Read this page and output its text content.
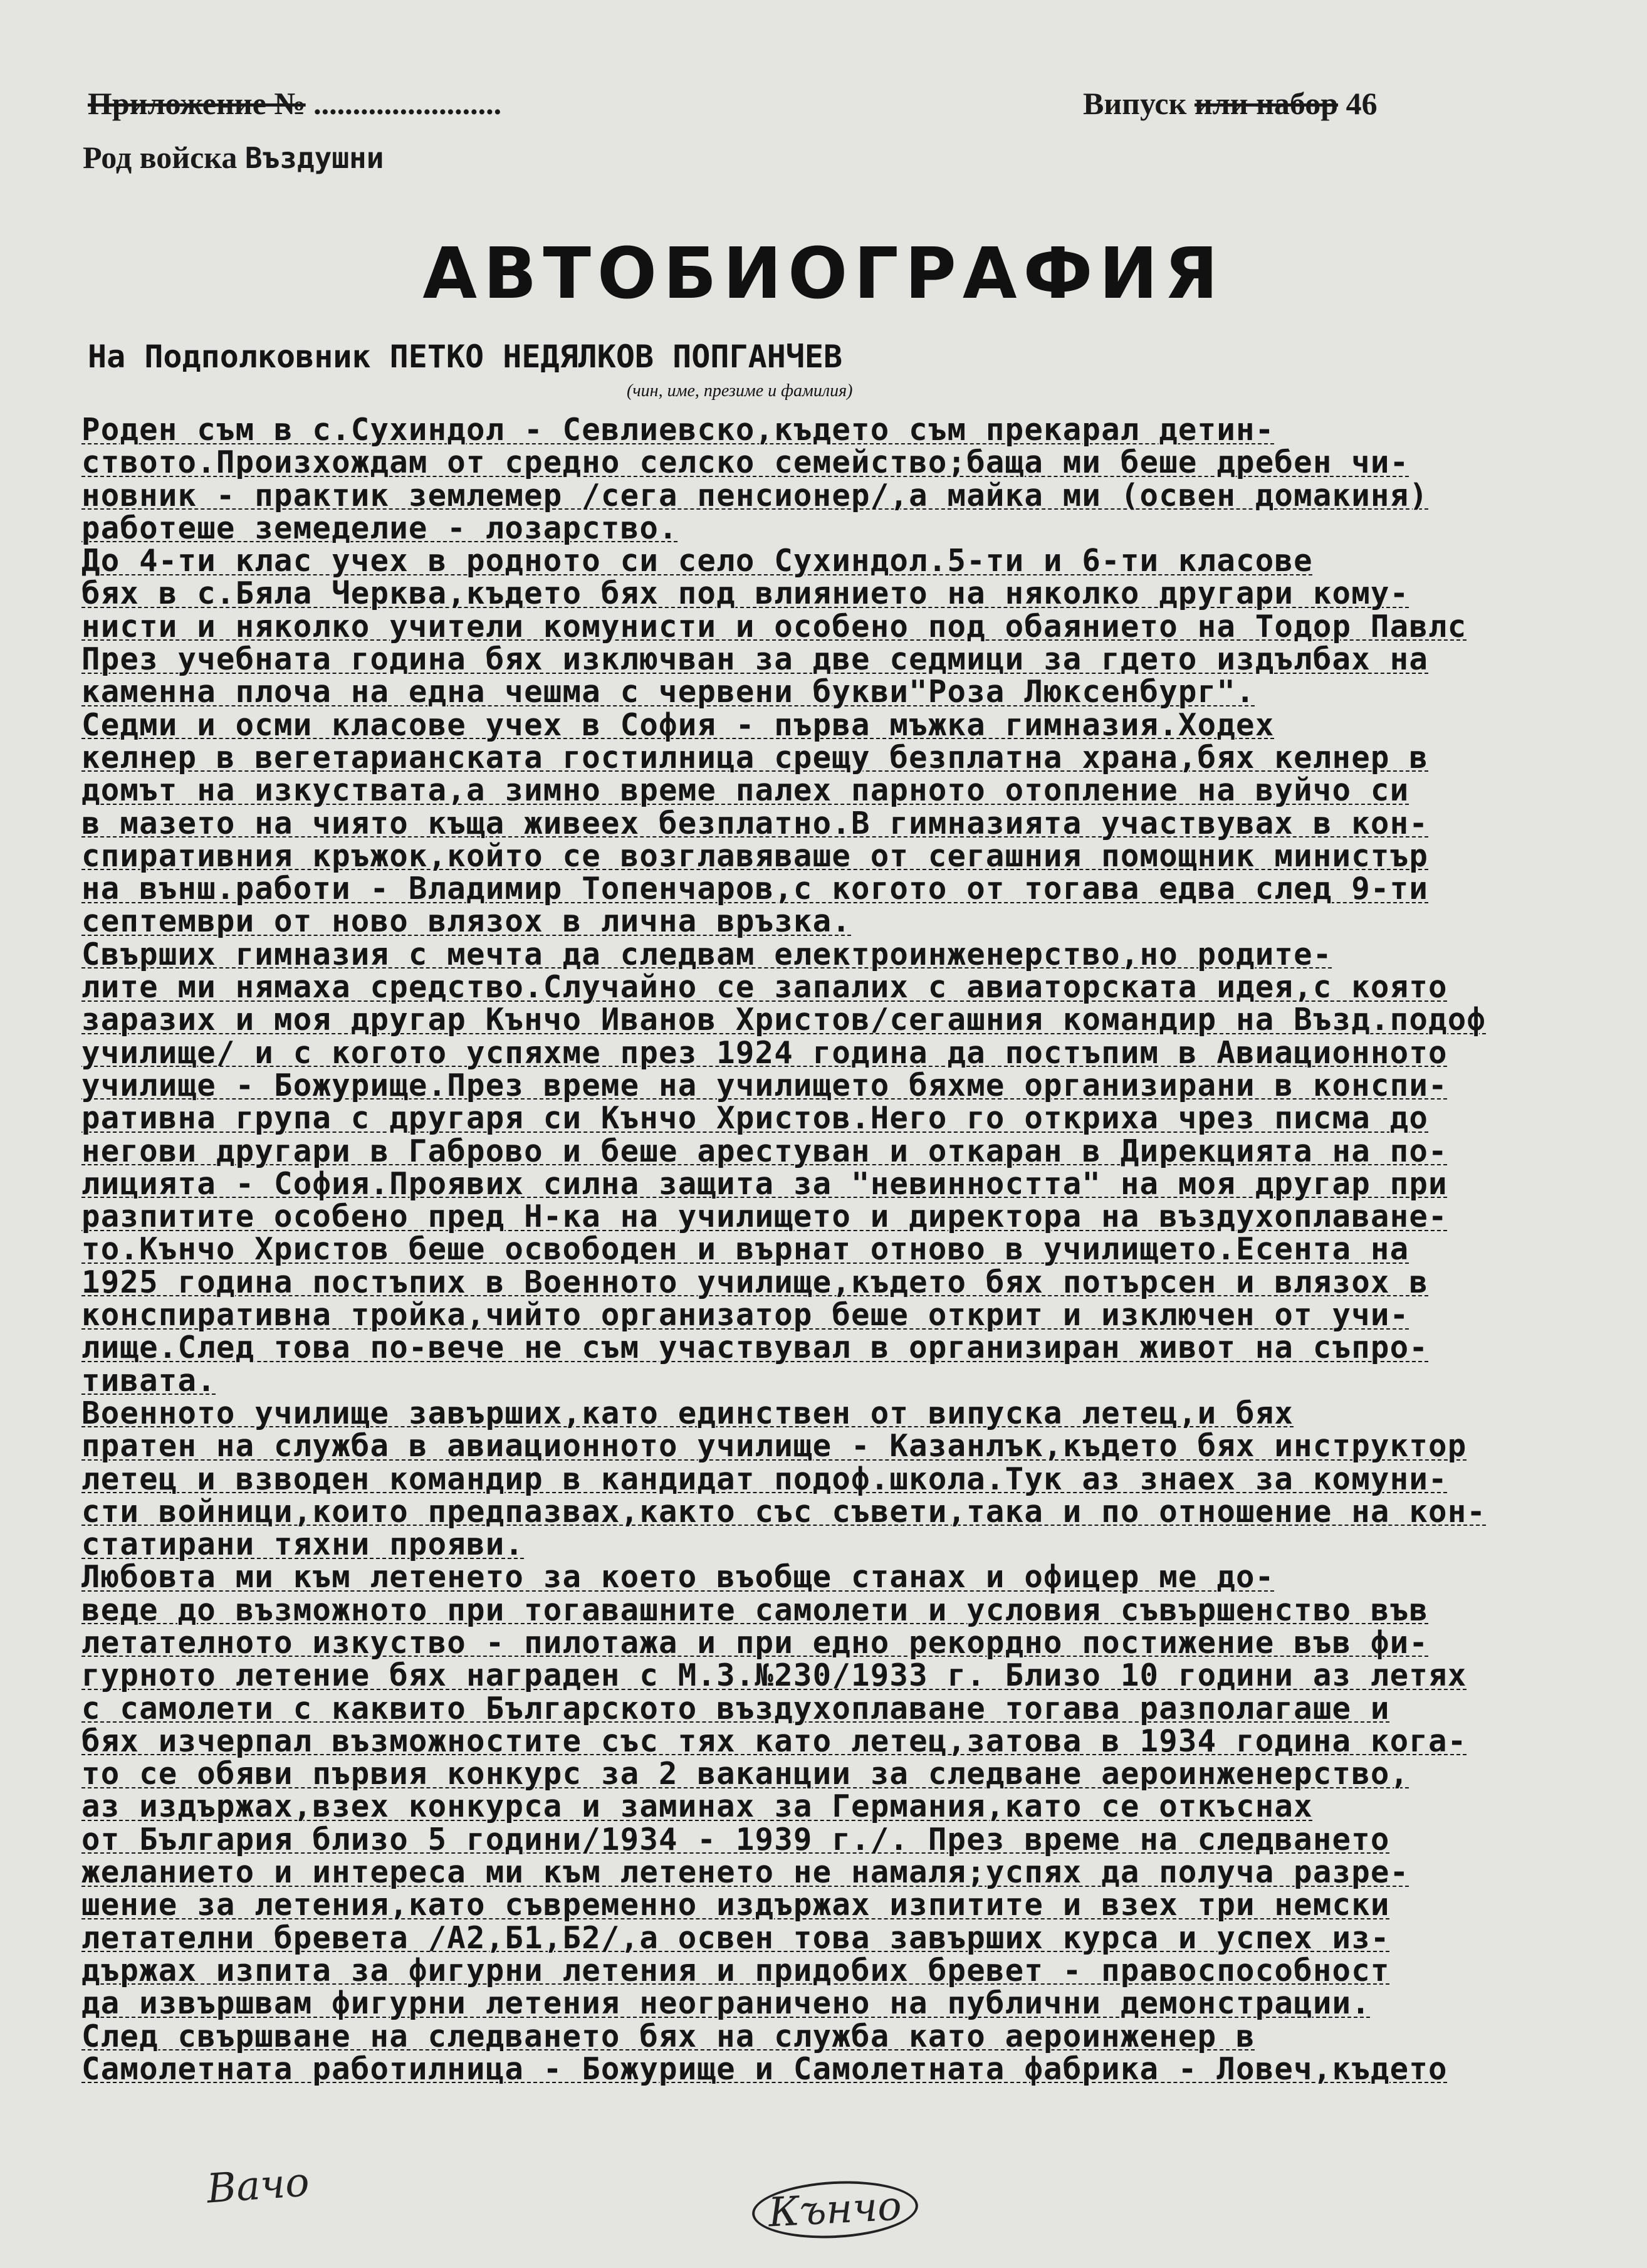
Приложение № ........................
Род войска Въздушни
Випуск или набор 46
АВТОБИОГРАФИЯ
На Подполковник ПЕТКО НЕДЯЛКОВ ПОПГАНЧЕВ
(чин, име, презиме и фамилия)
Роден съм в с.Сухиндол - Севлиевско,където съм прекарал детин-
ството.Произхождам от средно селско семейство;баща ми беше дребен чи-
новник - практик землемер /сега пенсионер/,а майка ми (освен домакиня)
работеше земеделие - лозарство.
До 4-ти клас учех в родното си село Сухиндол.5-ти и 6-ти класове
бях в с.Бяла Черква,където бях под влиянието на няколко другари кому-
нисти и няколко учители комунисти и особено под обаянието на Тодор Павлс
През учебната година бях изключван за две седмици за гдето издълбах на
каменна плоча на една чешма с червени букви"Роза Люксенбург".
Седми и осми класове учех в София - първа мъжка гимназия.Ходех
келнер в вегетарианската гостилница срещу безплатна храна,бях келнер в
домът на изкуствата,а зимно време палех парното отопление на вуйчо си
в мазето на чиято къща живеех безплатно.В гимназията участвувах в кон-
спиративния кръжок,който се возглавяваше от сегашния помощник министър
на външ.работи - Владимир Топенчаров,с когото от тогава едва след 9-ти
септември от ново влязох в лична връзка.
Свърших гимназия с мечта да следвам електроинженерство,но родите-
лите ми нямаха средство.Случайно се запалих с авиаторската идея,с която
заразих и моя другар Кънчо Иванов Христов/сегашния командир на Възд.подоф
училище/ и с когото успяхме през 1924 година да постъпим в Авиационното
училище - Божурище.През време на училището бяхме организирани в конспи-
ративна група с другаря си Кънчо Христов.Него го откриха чрез писма до
негови другари в Габрово и беше арестуван и откаран в Дирекцията на по-
лицията - София.Проявих силна защита за "невинността" на моя другар при
разпитите особено пред Н-ка на училището и директора на въздухоплаване-
то.Кънчо Христов беше освободен и върнат отново в училището.Есента на
1925 година постъпих в Военното училище,където бях потърсен и влязох в
конспиративна тройка,чийто организатор беше открит и изключен от учи-
лище.След това по-вече не съм участвувал в организиран живот на съпро-
тивата.
Военното училище завърших,като единствен от випуска летец,и бях
пратен на служба в авиационното училище - Казанлък,където бях инструктор
летец и взводен командир в кандидат подоф.школа.Тук аз знаех за комуни-
сти войници,които предпазвах,както със съвети,така и по отношение на кон-
статирани тяхни прояви.
Любовта ми към летенето за което въобще станах и офицер ме до-
веде до възможното при тогавашните самолети и условия съвършенство във
летателното изкуство - пилотажа и при едно рекордно постижение във фи-
гурното летение бях награден с М.З.№230/1933 г. Близо 10 години аз летях
с самолети с каквито Българското въздухоплаване тогава разполагаше и
бях изчерпал възможностите със тях като летец,затова в 1934 година кога-
то се обяви първия конкурс за 2 ваканции за следване аероинженерство,
аз издържах,взех конкурса и заминах за Германия,като се откъснах
от България близо 5 години/1934 - 1939 г./. През време на следването
желанието и интереса ми към летенето не намаля;успях да получа разре-
шение за летения,като съвременно издържах изпитите и взех три немски
летателни бревета /А2,Б1,Б2/,а освен това завърших курса и успех из-
държах изпита за фигурни летения и придобих бревет - правоспособност
да извършвам фигурни летения неограничено на публични демонстрации.
След свършване на следването бях на служба като аероинженер в
Самолетната работилница - Божурище и Самолетната фабрика - Ловеч,където
Вачо	Кънчо
